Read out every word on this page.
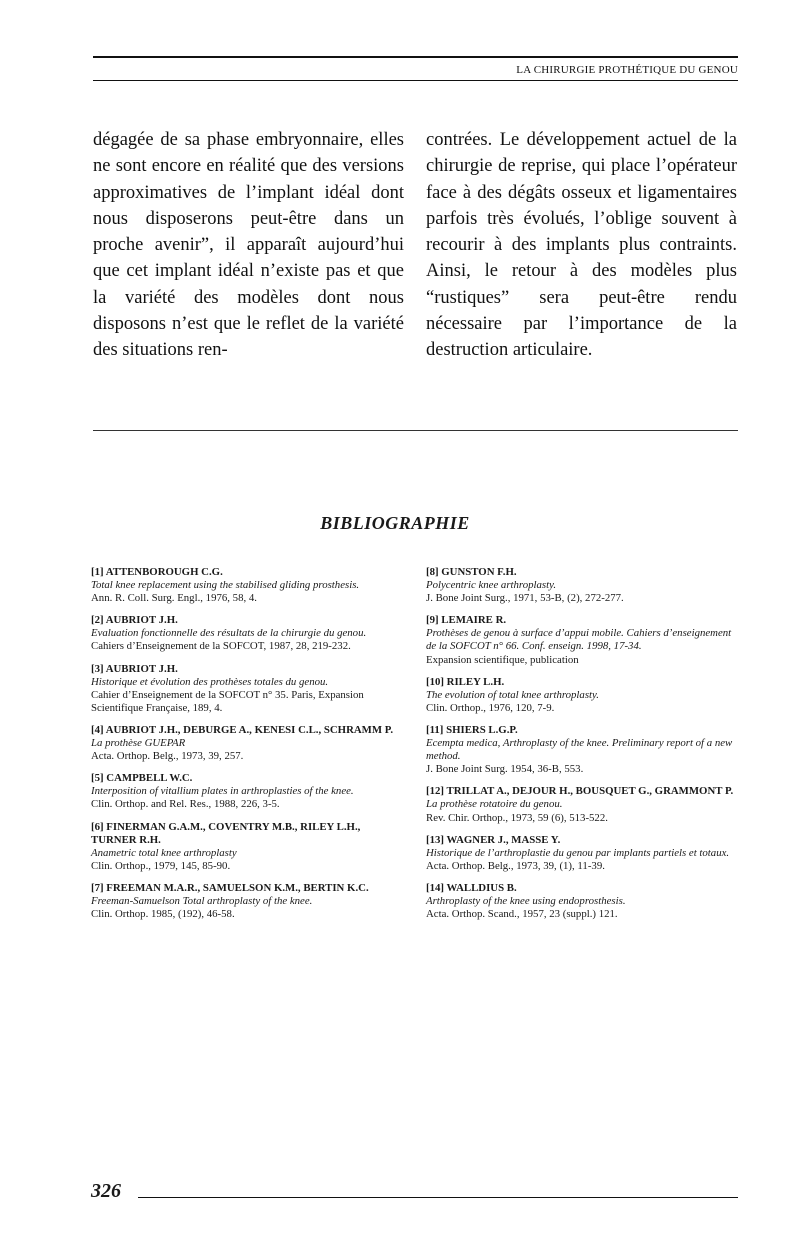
LA CHIRURGIE PROTHÉTIQUE DU GENOU
dégagée de sa phase embryonnaire, elles ne sont encore en réalité que des versions approximatives de l’implant idéal dont nous disposerons peut-être dans un proche avenir”, il apparaît aujourd’hui que cet implant idéal n’existe pas et que la variété des modèles dont nous disposons n’est que le reflet de la variété des situations ren-
contrées. Le développement actuel de la chirurgie de reprise, qui place l’opérateur face à des dégâts osseux et ligamentaires parfois très évolués, l’oblige souvent à recourir à des implants plus contraints. Ainsi, le retour à des modèles plus “rustiques” sera peut-être rendu nécessaire par l’importance de la destruction articulaire.
BIBLIOGRAPHIE
[1] ATTENBOROUGH C.G.
Total knee replacement using the stabilised gliding prosthesis.
Ann. R. Coll. Surg. Engl., 1976, 58, 4.
[2] AUBRIOT J.H.
Evaluation fonctionnelle des résultats de la chirurgie du genou.
Cahiers d’Enseignement de la SOFCOT, 1987, 28, 219-232.
[3] AUBRIOT J.H.
Historique et évolution des prothèses totales du genou.
Cahier d’Enseignement de la SOFCOT n° 35. Paris, Expansion Scientifique Française, 189, 4.
[4] AUBRIOT J.H., DEBURGE A., KENESI C.L., SCHRAMM P.
La prothèse GUEPAR
Acta. Orthop. Belg., 1973, 39, 257.
[5] CAMPBELL W.C.
Interposition of vitallium plates in arthroplasties of the knee.
Clin. Orthop. and Rel. Res., 1988, 226, 3-5.
[6] FINERMAN G.A.M., COVENTRY M.B., RILEY L.H., TURNER R.H.
Anametric total knee arthroplasty
Clin. Orthop., 1979, 145, 85-90.
[7] FREEMAN M.A.R., SAMUELSON K.M., BERTIN K.C.
Freeman-Samuelson Total arthroplasty of the knee.
Clin. Orthop. 1985, (192), 46-58.
[8] GUNSTON F.H.
Polycentric knee arthroplasty.
J. Bone Joint Surg., 1971, 53-B, (2), 272-277.
[9] LEMAIRE R.
Prothèses de genou à surface d’appui mobile. Cahiers d’enseignement de la SOFCOT n° 66. Conf. enseign. 1998, 17-34.
Expansion scientifique, publication
[10] RILEY L.H.
The evolution of total knee arthroplasty.
Clin. Orthop., 1976, 120, 7-9.
[11] SHIERS L.G.P.
Ecempta medica, Arthroplasty of the knee. Preliminary report of a new method.
J. Bone Joint Surg. 1954, 36-B, 553.
[12] TRILLAT A., DEJOUR H., BOUSQUET G., GRAMMONT P.
La prothèse rotatoire du genou.
Rev. Chir. Orthop., 1973, 59 (6), 513-522.
[13] WAGNER J., MASSE Y.
Historique de l’arthroplastie du genou par implants partiels et totaux.
Acta. Orthop. Belg., 1973, 39, (1), 11-39.
[14] WALLDIUS B.
Arthroplasty of the knee using endoprosthesis.
Acta. Orthop. Scand., 1957, 23 (suppl.) 121.
326
